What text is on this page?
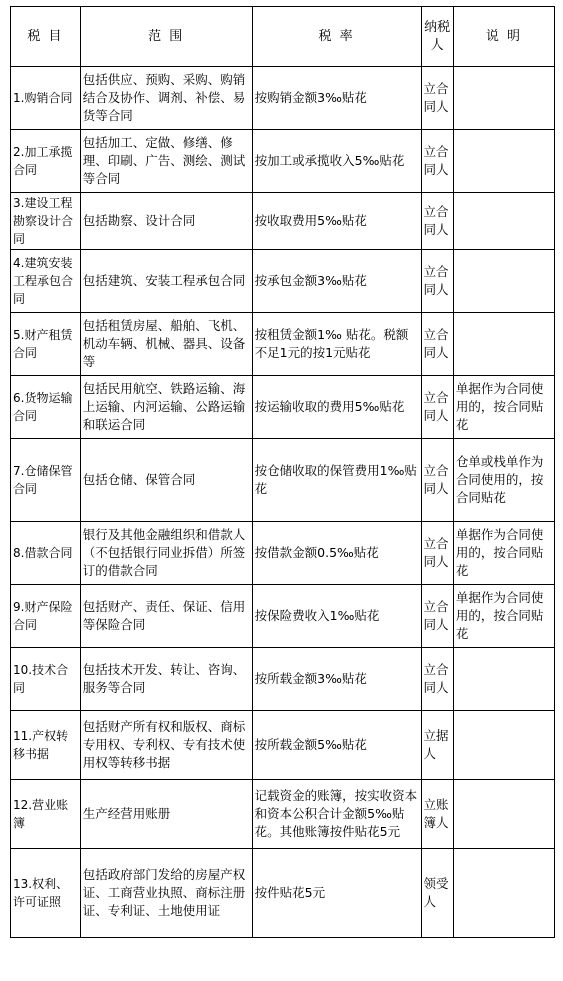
税 目	范 围	税 率	纳税人	说 明
1.购销合同	包括供应、预购、采购、购销结合及协作、调剂、补偿、易货等合同	按购销金额3‰贴花	立合同人	
2.加工承揽合同	包括加工、定做、修缮、修理、印刷、广告、测绘、测试等合同	按加工或承揽收入5‰贴花	立合同人	
3.建设工程勘察设计合同	包括勘察、设计合同	按收取费用5‰贴花	立合同人	
4.建筑安装工程承包合同	包括建筑、安装工程承包合同	按承包金额3‰贴花	立合同人	
5.财产租赁合同	包括租赁房屋、船舶、飞机、机动车辆、机械、器具、设备等	按租赁金额1‰ 贴花。税额不足1元的按1元贴花	立合同人	
6.货物运输合同	包括民用航空、铁路运输、海上运输、内河运输、公路运输和联运合同	按运输收取的费用5‰贴花	立合同人	单据作为合同使用的，按合同贴花
7.仓储保管合同	包括仓储、保管合同	按仓储收取的保管费用1‰贴花	立合同人	仓单或栈单作为合同使用的，按合同贴花
8.借款合同	银行及其他金融组织和借款人（不包括银行同业拆借）所签订的借款合同	按借款金额0.5‰贴花	立合同人	单据作为合同使用的，按合同贴花
9.财产保险合同	包括财产、责任、保证、信用等保险合同	按保险费收入1‰贴花	立合同人	单据作为合同使用的，按合同贴花
10.技术合同	包括技术开发、转让、咨询、服务等合同	按所载金额3‰贴花	立合同人	
11.产权转移书据	包括财产所有权和版权、商标专用权、专利权、专有技术使用权等转移书据	按所载金额5‰贴花	立据人	
12.营业账簿	生产经营用账册	记载资金的账簿，按实收资本和资本公积合计金额5‰贴花。其他账簿按件贴花5元	立账簿人	
13.权利、许可证照	包括政府部门发给的房屋产权证、工商营业执照、商标注册证、专利证、土地使用证	按件贴花5元	领受人	
